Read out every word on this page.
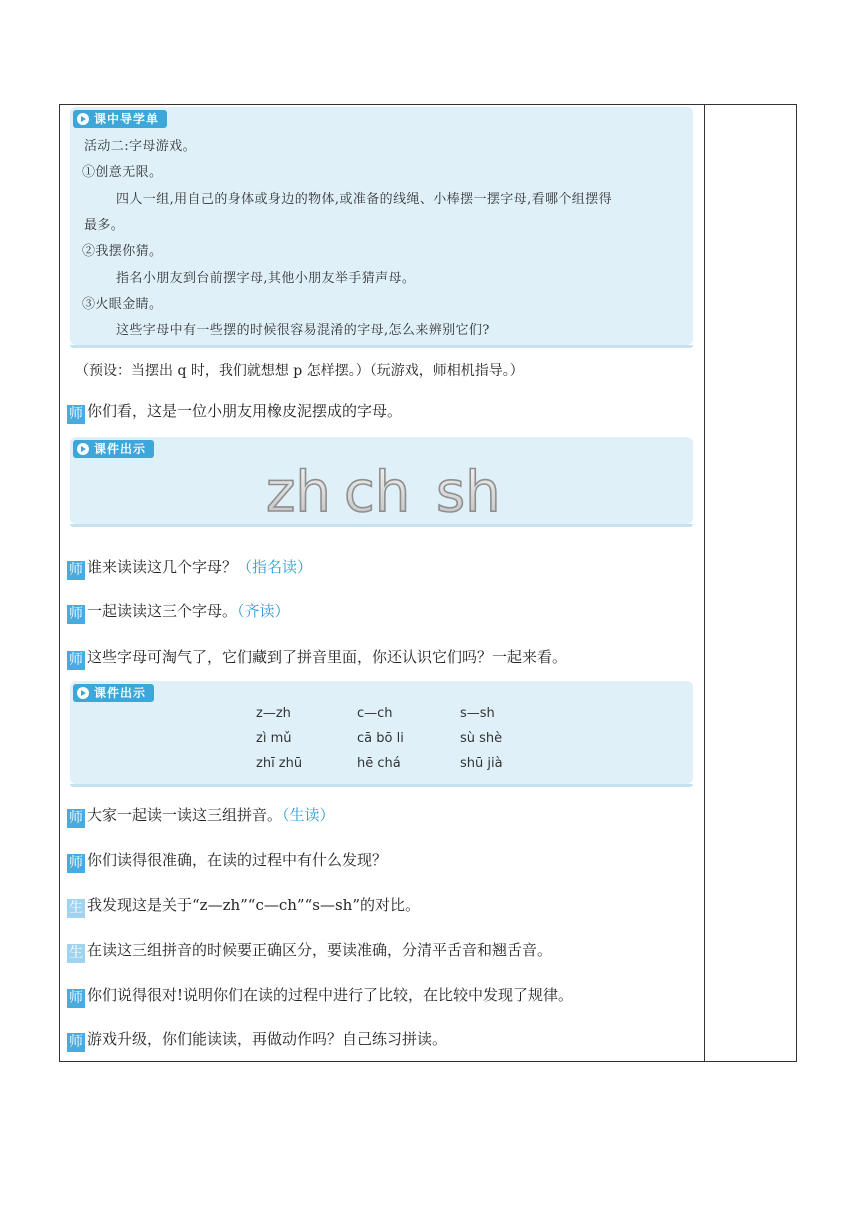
课中导学单
活动二:字母游戏。
①创意无限。
四人一组,用自己的身体或身边的物体,或准备的线绳、小棒摆一摆字母,看哪个组摆得
最多。
②我摆你猜。
指名小朋友到台前摆字母,其他小朋友举手猜声母。
③火眼金睛。
这些字母中有一些摆的时候很容易混淆的字母,怎么来辨别它们?
（预设：当摆出 q 时，我们就想想 p 怎样摆。）（玩游戏，师相机指导。）
师 你们看，这是一位小朋友用橡皮泥摆成的字母。
课件出示
zh ch sh
师 谁来读读这几个字母？（指名读）
师 一起读读这三个字母。（齐读）
师 这些字母可淘气了，它们藏到了拼音里面，你还认识它们吗？一起来看。
课件出示
z—zh	c—ch	s—sh
zì mǔ	cā bō li	sù shè
zhī zhū	hē chá	shū jià
师 大家一起读一读这三组拼音。（生读）
师 你们读得很准确，在读的过程中有什么发现？
生 我发现这是关于“z—zh”“c—ch”“s—sh”的对比。
生 在读这三组拼音的时候要正确区分，要读准确，分清平舌音和翘舌音。
师 你们说得很对!说明你们在读的过程中进行了比较，在比较中发现了规律。
师 游戏升级，你们能读读，再做动作吗？自己练习拼读。
